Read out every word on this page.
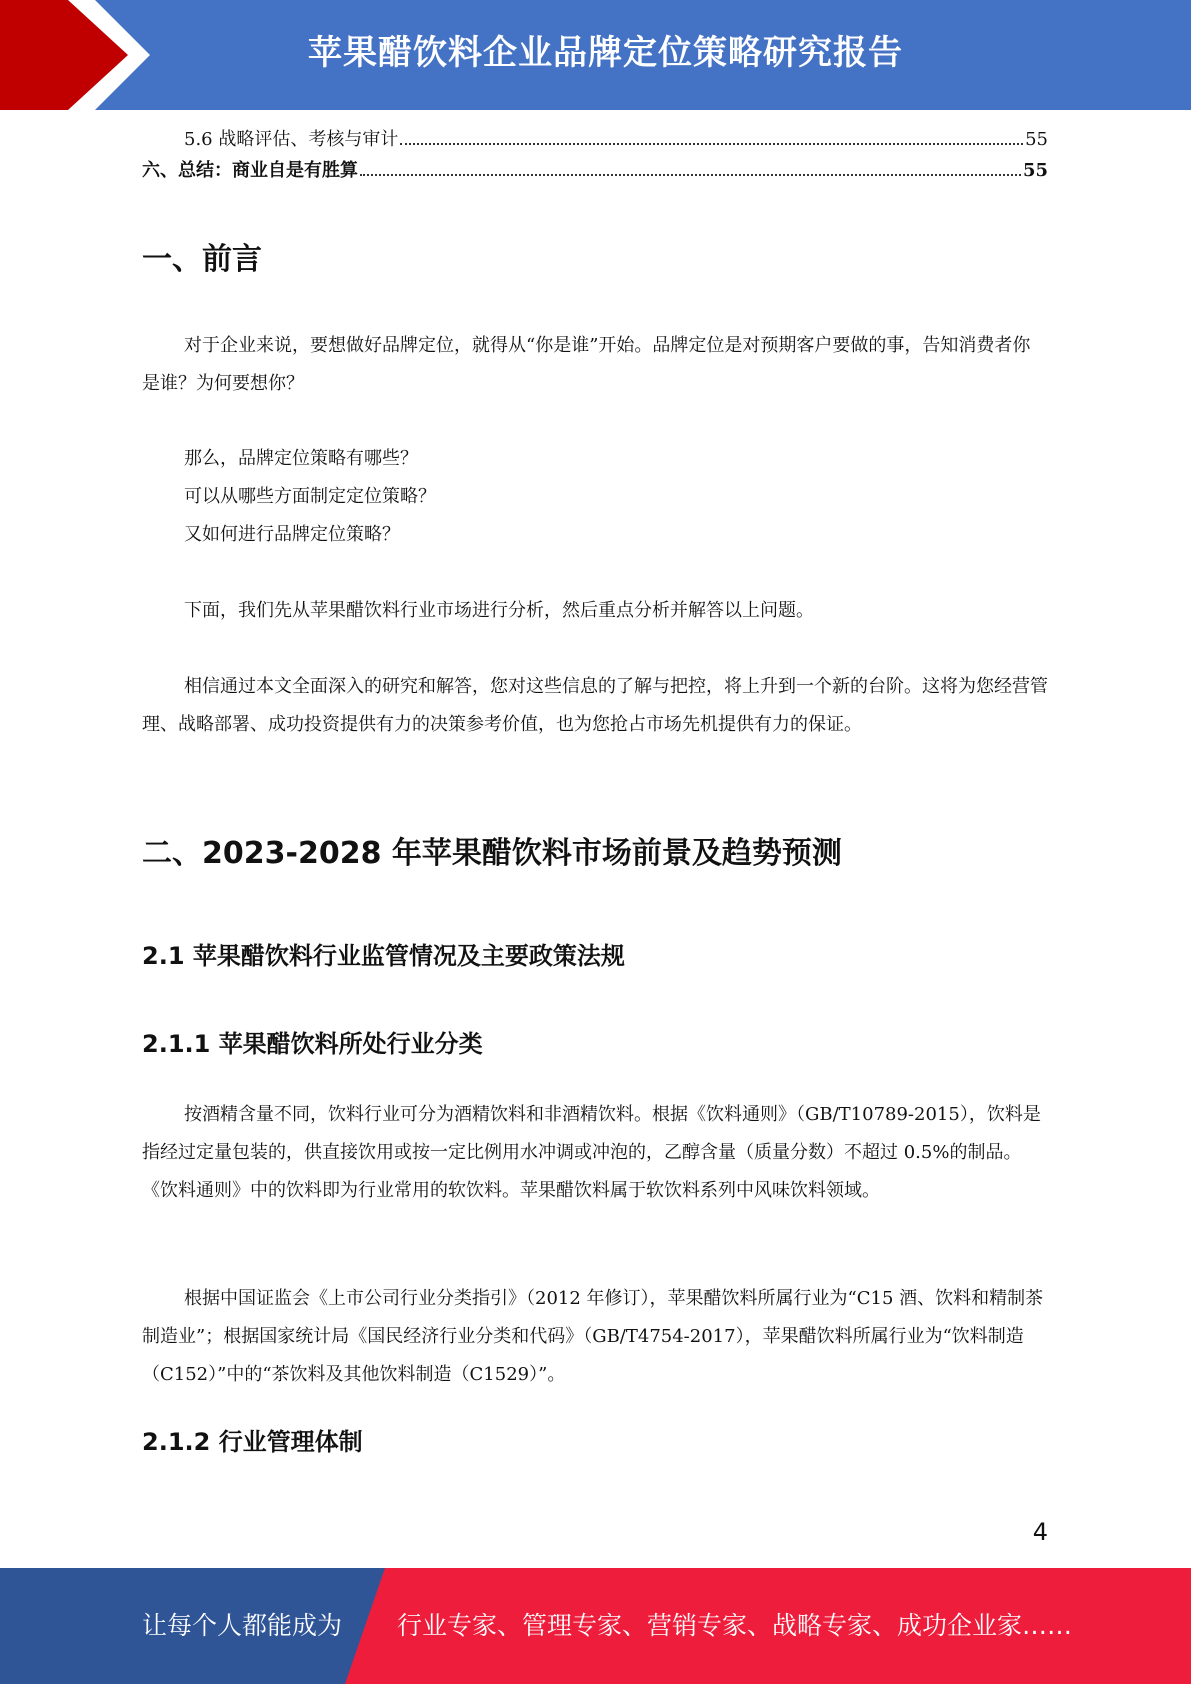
苹果醋饮料企业品牌定位策略研究报告
5.6 战略评估、考核与审计	55
六、总结：商业自是有胜算	55
一、前言

对于企业来说，要想做好品牌定位，就得从“你是谁”开始。品牌定位是对预期客户要做的事，告知消费者你是谁？为何要想你？

那么，品牌定位策略有哪些？
可以从哪些方面制定定位策略？
又如何进行品牌定位策略？

下面，我们先从苹果醋饮料行业市场进行分析，然后重点分析并解答以上问题。

相信通过本文全面深入的研究和解答，您对这些信息的了解与把控，将上升到一个新的台阶。这将为您经营管理、战略部署、成功投资提供有力的决策参考价值，也为您抢占市场先机提供有力的保证。

二、2023-2028 年苹果醋饮料市场前景及趋势预测
2.1 苹果醋饮料行业监管情况及主要政策法规
2.1.1 苹果醋饮料所处行业分类

按酒精含量不同，饮料行业可分为酒精饮料和非酒精饮料。根据《饮料通则》（GB/T10789-2015），饮料是指经过定量包装的，供直接饮用或按一定比例用水冲调或冲泡的，乙醇含量（质量分数）不超过 0.5%的制品。《饮料通则》中的饮料即为行业常用的软饮料。苹果醋饮料属于软饮料系列中风味饮料领域。

根据中国证监会《上市公司行业分类指引》（2012 年修订），苹果醋饮料所属行业为“C15 酒、饮料和精制茶制造业”；根据国家统计局《国民经济行业分类和代码》（GB/T4754-2017），苹果醋饮料所属行业为“饮料制造（C152）”中的“茶饮料及其他饮料制造（C1529）”。

2.1.2 行业管理体制
4
让每个人都能成为 行业专家、管理专家、营销专家、战略专家、成功企业家……
